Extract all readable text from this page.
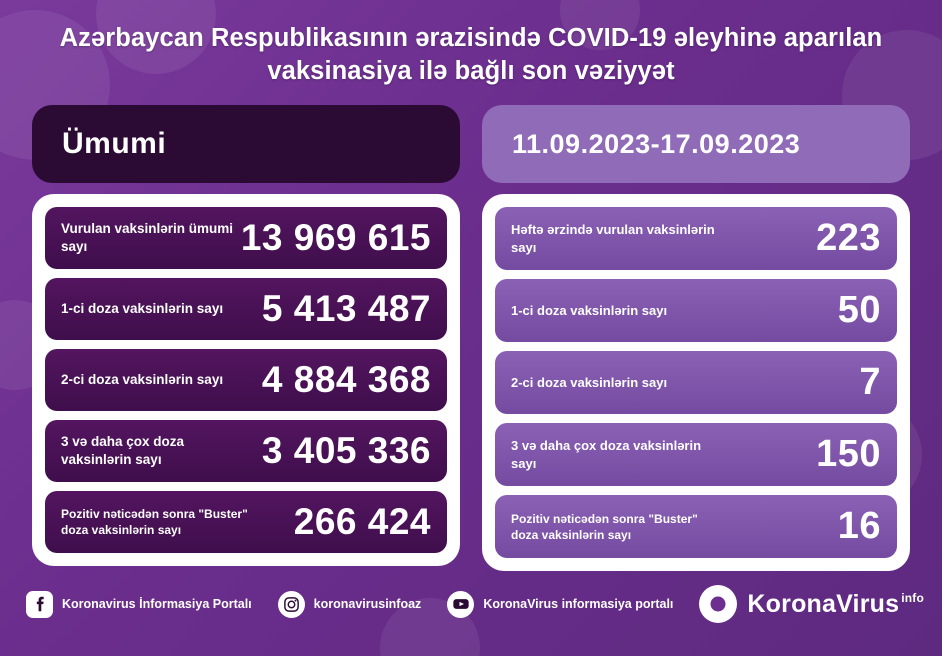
Azərbaycan Respublikasının ərazisində COVID-19 əleyhinə aparılan vaksinasiya ilə bağlı son vəziyyət
Ümumi
Vurulan vaksinlərin ümumi sayı	13 969 615
1-ci doza vaksinlərin sayı 5 413 487
2-ci doza vaksinlərin sayı 4 884 368
3 və daha çox doza vaksinlərin sayı	3 405 336
Pozitiv nəticədən sonra "Buster" doza vaksinlərin sayı	266 424
11.09.2023-17.09.2023
Həftə ərzində vurulan vaksinlərin sayı	223
1-ci doza vaksinlərin sayı	50
2-ci doza vaksinlərin sayı	7
3 və daha çox doza vaksinlərin sayı	150
Pozitiv nəticədən sonra "Buster" doza vaksinlərin sayı	16
Koronavirus İnformasiya Portalı	koronavirusinfoaz	KoronaVirus informasiya portalı	KoronaVirus $^{info}$
